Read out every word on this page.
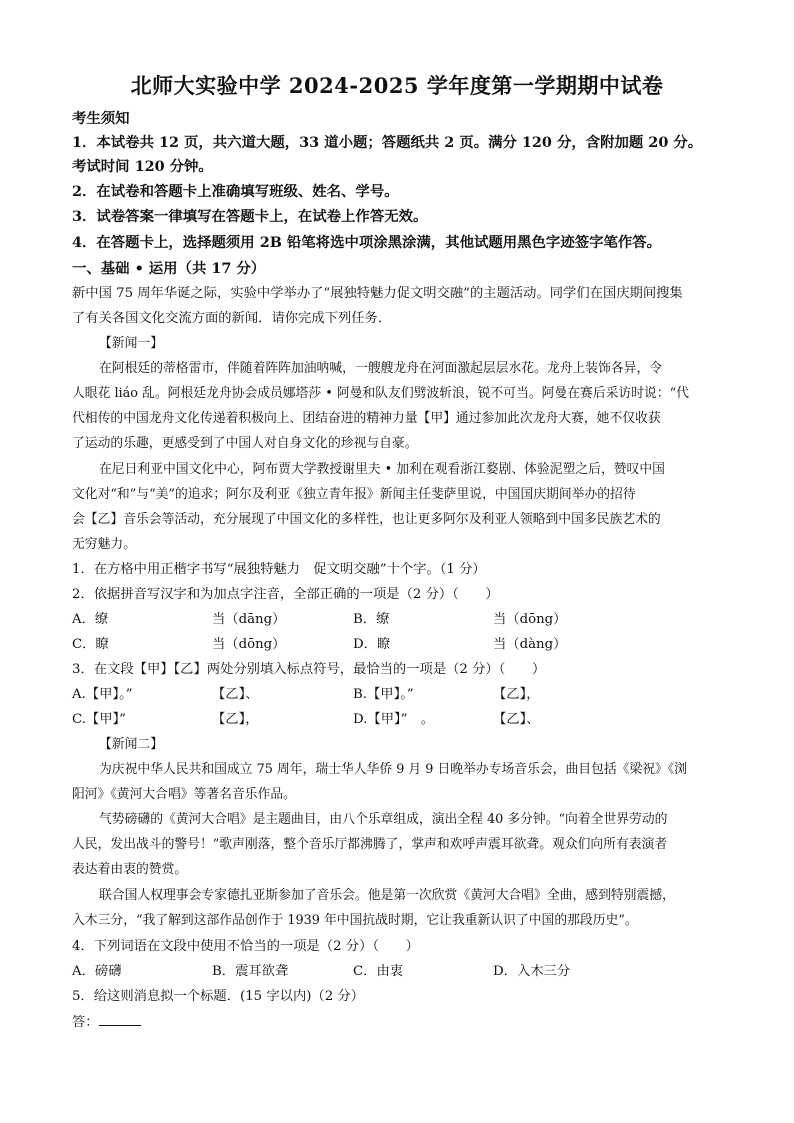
北师大实验中学 2024-2025 学年度第一学期期中试卷
考生须知
1．本试卷共 12 页，共六道大题，33 道小题；答题纸共 2 页。满分 120 分，含附加题 20 分。
考试时间 120 分钟。
2．在试卷和答题卡上准确填写班级、姓名、学号。
3．试卷答案一律填写在答题卡上，在试卷上作答无效。
4．在答题卡上，选择题须用 2B 铅笔将选中项涂黑涂满，其他试题用黑色字迹签字笔作答。
一、基础 • 运用（共 17 分）
新中国 75 周年华诞之际，实验中学举办了“展独特魅力促文明交融”的主题活动。同学们在国庆期间搜集
了有关各国文化交流方面的新闻．请你完成下列任务．
【新闻一】
在阿根廷的蒂格雷市，伴随着阵阵加油呐喊，一艘艘龙舟在河面激起层层水花。龙舟上装饰各异，令
人眼花 liáo 乱。阿根廷龙舟协会成员娜塔莎 • 阿曼和队友们劈波斩浪，锐不可当。阿曼在赛后采访时说：“代
代相传的中国龙舟文化传递着积极向上、团结奋进的精神力量【甲】通过参加此次龙舟大赛，她不仅收获
了运动的乐趣，更感受到了中国人对自身文化的珍视与自豪。
在尼日利亚中国文化中心，阿布贾大学教授谢里夫 • 加利在观看浙江婺剧、体验泥塑之后，赞叹中国
文化对“和”与“美”的追求；阿尔及利亚《独立青年报》新闻主任斐萨里说，中国国庆期间举办的招待
会【乙】音乐会等活动，充分展现了中国文化的多样性，也让更多阿尔及利亚人领略到中国多民族艺术的
无穷魅力。
1．在方格中用正楷字书写“展独特魅力　促文明交融”十个字。（1 分）
2．依据拼音写汉字和为加点字注音，全部正确的一项是（2 分）（　　）
A．缭	当（dāng）	B．缭	当（dōng）
C．瞭	当（dōng）	D．瞭	当（dàng）
3．在文段【甲】【乙】两处分别填入标点符号，最恰当的一项是（2 分）（　　）
A.【甲】。”	【乙】、	B.【甲】。”	【乙】，
C.【甲】”	【乙】，	D.【甲】”　。	【乙】、
【新闻二】
为庆祝中华人民共和国成立 75 周年，瑞士华人华侨 9 月 9 日晚举办专场音乐会，曲目包括《梁祝》《浏
阳河》《黄河大合唱》等著名音乐作品。
气势磅礴的《黄河大合唱》是主题曲目，由八个乐章组成，演出全程 40 多分钟。“向着全世界劳动的
人民，发出战斗的警号！”歌声刚落，整个音乐厅都沸腾了，掌声和欢呼声震耳欲聋。观众们向所有表演者
表达着由衷的赞赏。
联合国人权理事会专家德扎亚斯参加了音乐会。他是第一次欣赏《黄河大合唱》全曲，感到特别震撼，
入木三分，“我了解到这部作品创作于 1939 年中国抗战时期，它让我重新认识了中国的那段历史”。
4．下列词语在文段中使用不恰当的一项是（2 分）（　　）
A．磅礴	B．震耳欲聋	C．由衷	D．入木三分
5．给这则消息拟一个标题．(15 字以内)（2 分）
答：
